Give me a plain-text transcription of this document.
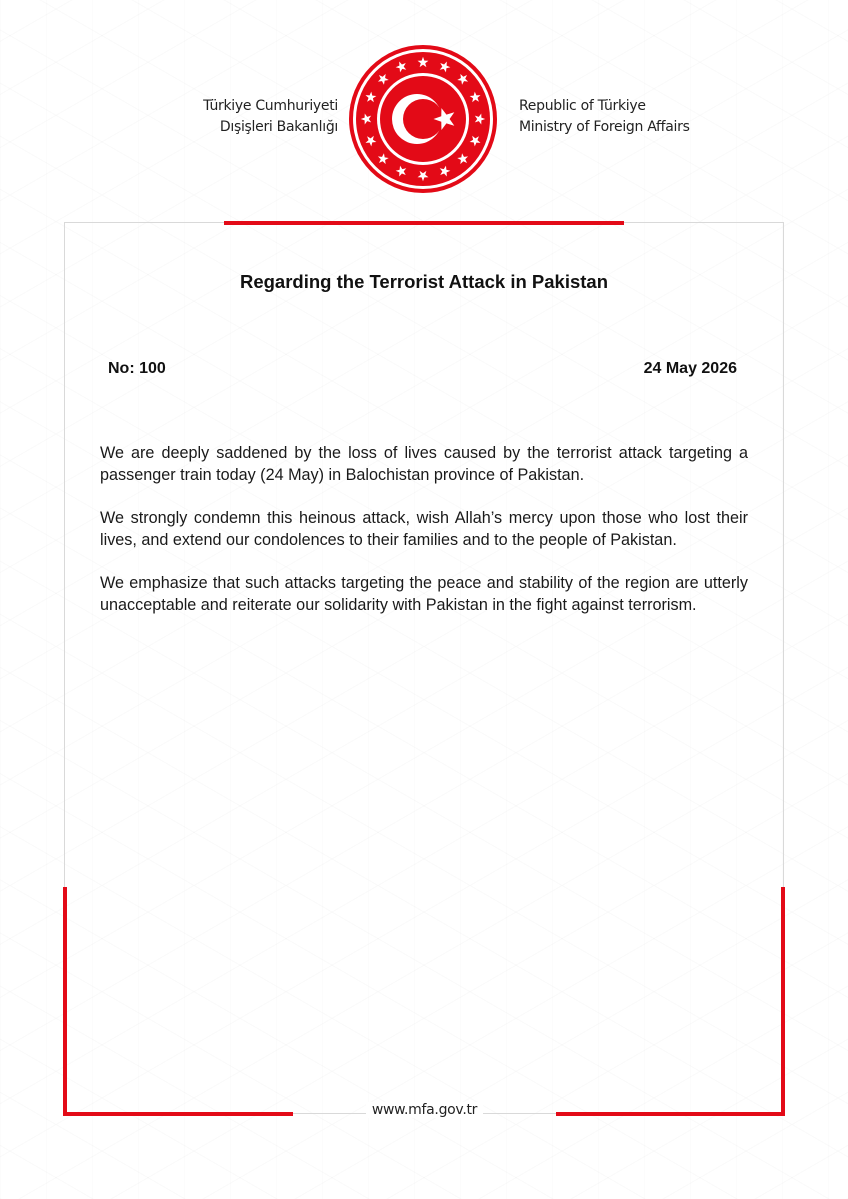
Türkiye Cumhuriyeti
Dışişleri Bakanlığı
Republic of Türkiye
Ministry of Foreign Affairs
Regarding the Terrorist Attack in Pakistan
No: 100	24 May 2026

We are deeply saddened by the loss of lives caused by the terrorist attack targeting a passenger train today (24 May) in Balochistan province of Pakistan.

We strongly condemn this heinous attack, wish Allah’s mercy upon those who lost their lives, and extend our condolences to their families and to the people of Pakistan.

We emphasize that such attacks targeting the peace and stability of the region are utterly unacceptable and reiterate our solidarity with Pakistan in the fight against terrorism.

www.mfa.gov.tr
